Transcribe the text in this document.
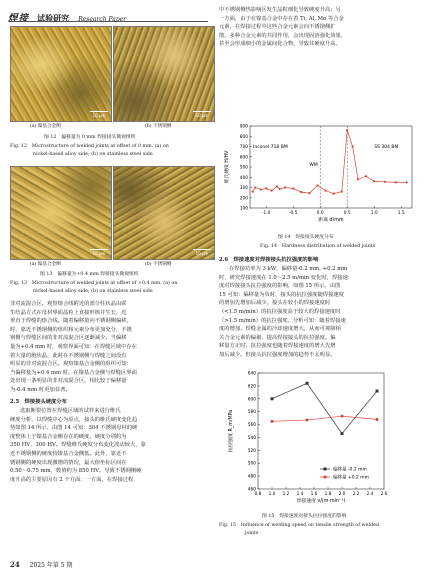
焊接 试验研究 Research Paper
10 μm	10 μm
(a) 镍基合金侧	(b) 不锈钢侧
图 12　偏移量为 0 mm 焊接接头微观组织
Fig. 12　Microstructure of welded joints at offset of 0 mm. (a) on
nickel-based alloy side; (b) on stainless steel side
10 μm	10 μm
(a) 镍基合金侧	(b) 不锈钢侧
图 13　偏移量为+0.4 mm 焊接接头微观组织
Fig. 13　Microstructure of welded joints at offset of +0.4 mm. (a) on
nickel-based alloy side; (b) on stainless steel side
非对流混合区。观察熔合线附近的部分柱状晶由联
生结晶方式在母材界面晶粒上直接形核并生长，近
垂直于焊缝的熔合线。随着偏移量向不锈钢侧偏移，
时，靠近不锈钢侧的组织和元素分布更加充分，不锈
钢侧与焊缝区间的非对流混合区逐渐减少。当偏移
量为+0.4 mm 时，观察界面可知：在焊缝区域中存在
着大量的胞状晶，此时在不锈钢侧与焊缝之间没有
明显的非对流混合区。观察镍基合金侧的组织可知：
当偏移量为+0.4 mm 时，在镍基合金侧与焊缝区界面
处出现一条明显的非对流混合区，相比较于偏移量
为-0.4 mm 时更加显著。
2.5　焊接接头硬度分布
选取断裂位置在焊缝区域的试样来进行维氏
硬度分析，以焊缝中心为原点，接头的维氏硬度变化趋
势如图 14 所示。由图 14 可知：304 不锈钢母材的硬
度整体上于镍基合金侧存在的硬度，硬度分别约为
350 HV、300 HV。焊缝维氏硬度分布变化波动较大，靠
近不锈钢侧的硬度较镍基合金侧低。此外，靠近不
锈钢侧的硬度出现激增的情况，最大值坐标区间在
0.50～0.75 mm，数值约为 850 HV。导致不锈钢侧硬
度升高的主要原因有 2 个方面：一方面，在焊接过程
中不锈钢侧热影响区发生晶粒细化导致硬度升高；另
一方面，由于在镍基合金中存在着 Ti, Al, Mo 等合金
元素，在焊接过程中这些合金元素会向不锈钢侧扩
散，多种合金元素的共同作用，会出现固溶强化效果，
甚至会形成细小的金属间化合物，导致其硬度升高。
100
200
300
400
500
600
700
800
900
-1.0	-0.5	0.0	0.5	1.0	1.5
Inconel 718 BM
WM
SS 304 BM
距离 d/mm
维氏硬度 H/HV
图 14　焊接接头硬度分布
Fig. 14　Hardness distribution of welded joints
2.6　焊接速度对焊接接头抗拉强度的影响
在焊接功率为 3 kW，偏移量-0.2 mm, +0.2 mm
时，研究焊接速度在 1.0～2.5 m/min 变化时，焊接速
度对焊接接头抗拉强度的影响，如图 15 所示。由图
15 可知：偏移量为负时，接头的抗拉强度随焊接速度
的增加先增加后减少。接头在较小的焊接速度时
（<1.5 m/min）的抗拉强度高于较大的焊接速度时
（>1.5 m/min）的抗拉强度。分析可知：随着焊接速
度的增加，焊缝金属的冷却速度增大，从而可抑制相
关合金元素的偏聚，提高焊接接头的抗拉强度。偏
移量方正时，抗拉强度也随着焊接速度的增大先增
加后减少。但接头抗拉强度增加的趋势不太明显。
460
480
500
520
540
560
580
600
620
640
0.8 1.0 1.2 1.4 1.6 1.8 2.0 2.2 2.4 2.6
偏移量 -0.2 mm
偏移量 +0.2 mm
焊接速度 v/(m·min⁻¹)
抗拉强度 R_m/MPa
图 15　焊接速度对接头抗拉强度的影响
Fig. 15　Influence of welding speed on tensile strength of welded
joints
24 2025 年第 5 期
